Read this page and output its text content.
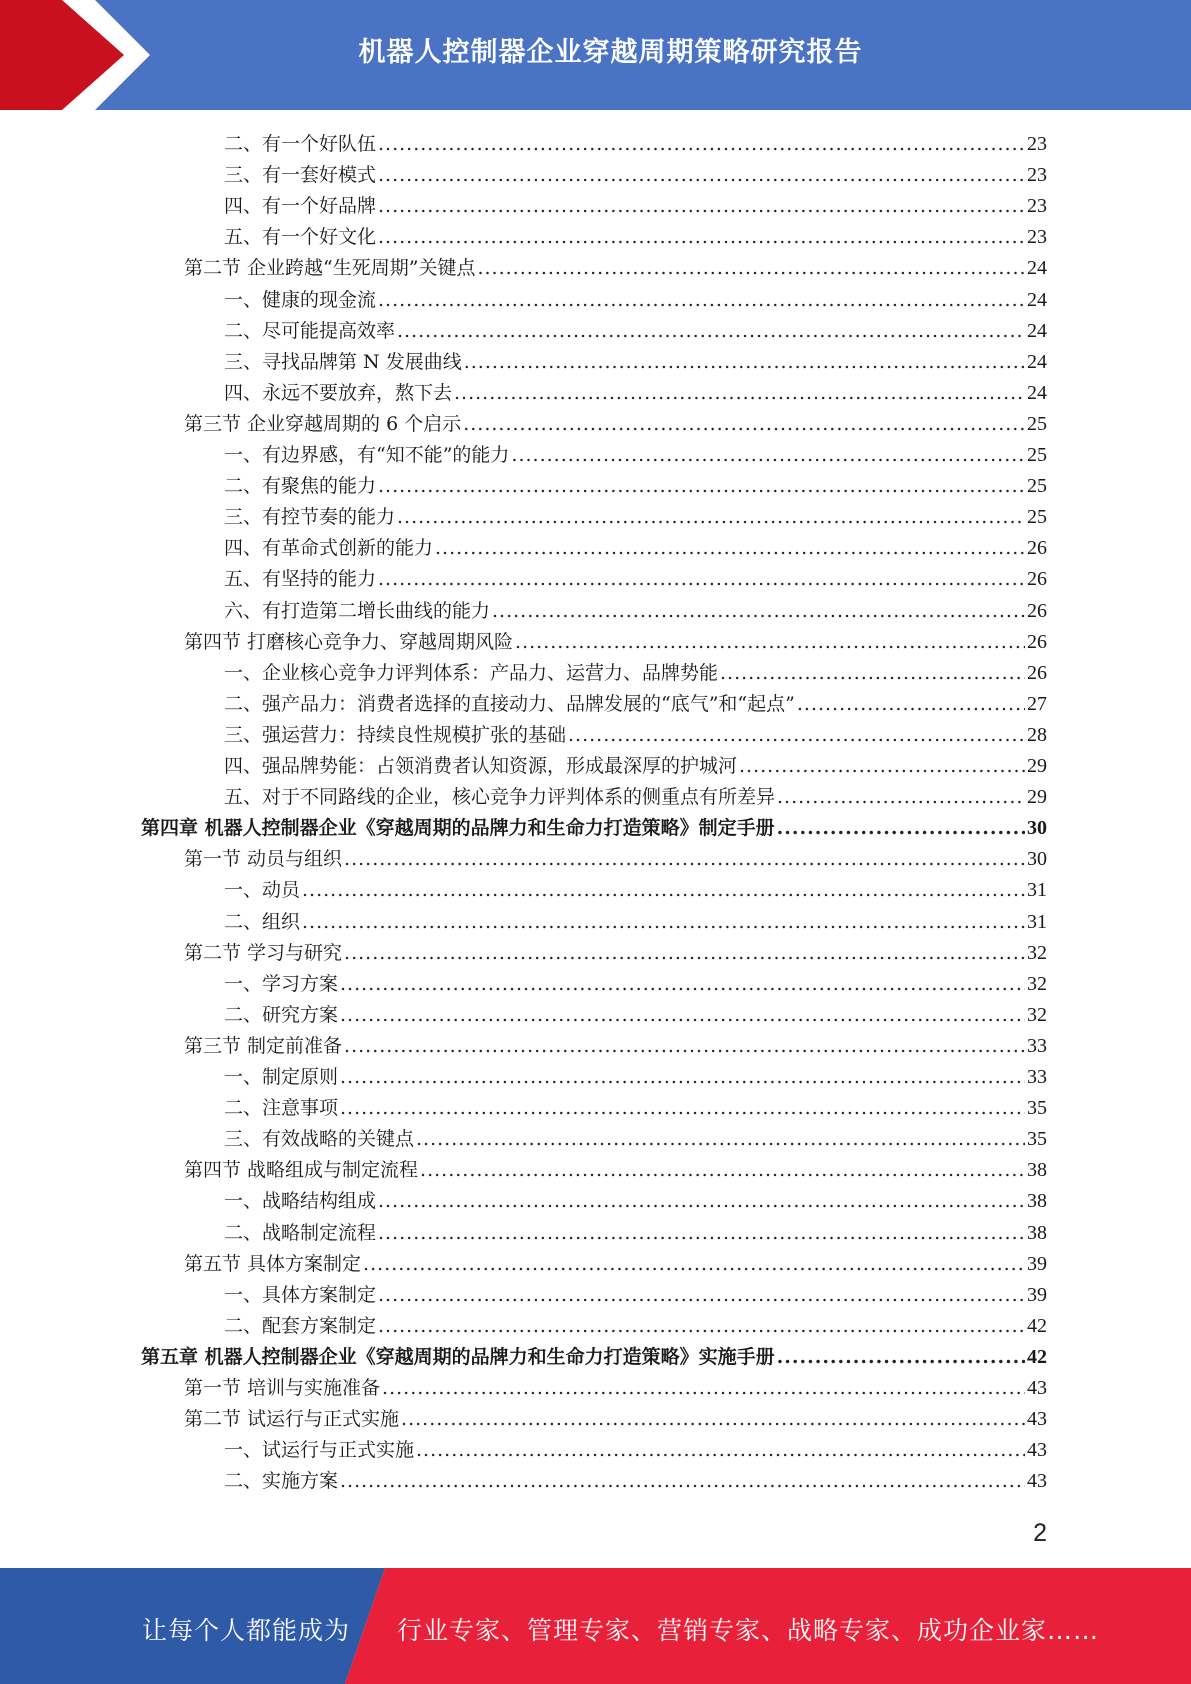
机器人控制器企业穿越周期策略研究报告
二、有一个好队伍 .....	23
三、有一套好模式 .....	23
四、有一个好品牌 .....	23
五、有一个好文化 .....	23
第二节 企业跨越“生死周期”关键点 .....	24
一、健康的现金流 .....	24
二、尽可能提高效率 .....	24
三、寻找品牌第 N 发展曲线 .....	24
四、永远不要放弃，熬下去 .....	24
第三节 企业穿越周期的 6 个启示 .....	25
一、有边界感，有“知不能”的能力 .....	25
二、有聚焦的能力 .....	25
三、有控节奏的能力 .....	25
四、有革命式创新的能力 .....	26
五、有坚持的能力 .....	26
六、有打造第二增长曲线的能力 .....	26
第四节 打磨核心竞争力、穿越周期风险 .....	26
一、企业核心竞争力评判体系：产品力、运营力、品牌势能 .....	26
二、强产品力：消费者选择的直接动力、品牌发展的“底气”和“起点” .....	27
三、强运营力：持续良性规模扩张的基础 .....	28
四、强品牌势能：占领消费者认知资源，形成最深厚的护城河 .....	29
五、对于不同路线的企业，核心竞争力评判体系的侧重点有所差异 .....	29
第四章 机器人控制器企业《穿越周期的品牌力和生命力打造策略》制定手册 .....	30
第一节 动员与组织 .....	30
一、动员 .....	31
二、组织 .....	31
第二节 学习与研究 .....	32
一、学习方案 .....	32
二、研究方案 .....	32
第三节 制定前准备 .....	33
一、制定原则 .....	33
二、注意事项 .....	35
三、有效战略的关键点 .....	35
第四节 战略组成与制定流程 .....	38
一、战略结构组成 .....	38
二、战略制定流程 .....	38
第五节 具体方案制定 .....	39
一、具体方案制定 .....	39
二、配套方案制定 .....	42
第五章 机器人控制器企业《穿越周期的品牌力和生命力打造策略》实施手册 .....	42
第一节 培训与实施准备 .....	43
第二节 试运行与正式实施 .....	43
一、试运行与正式实施 .....	43
二、实施方案 .....	43
2
让每个人都能成为 行业专家、管理专家、营销专家、战略专家、成功企业家……
